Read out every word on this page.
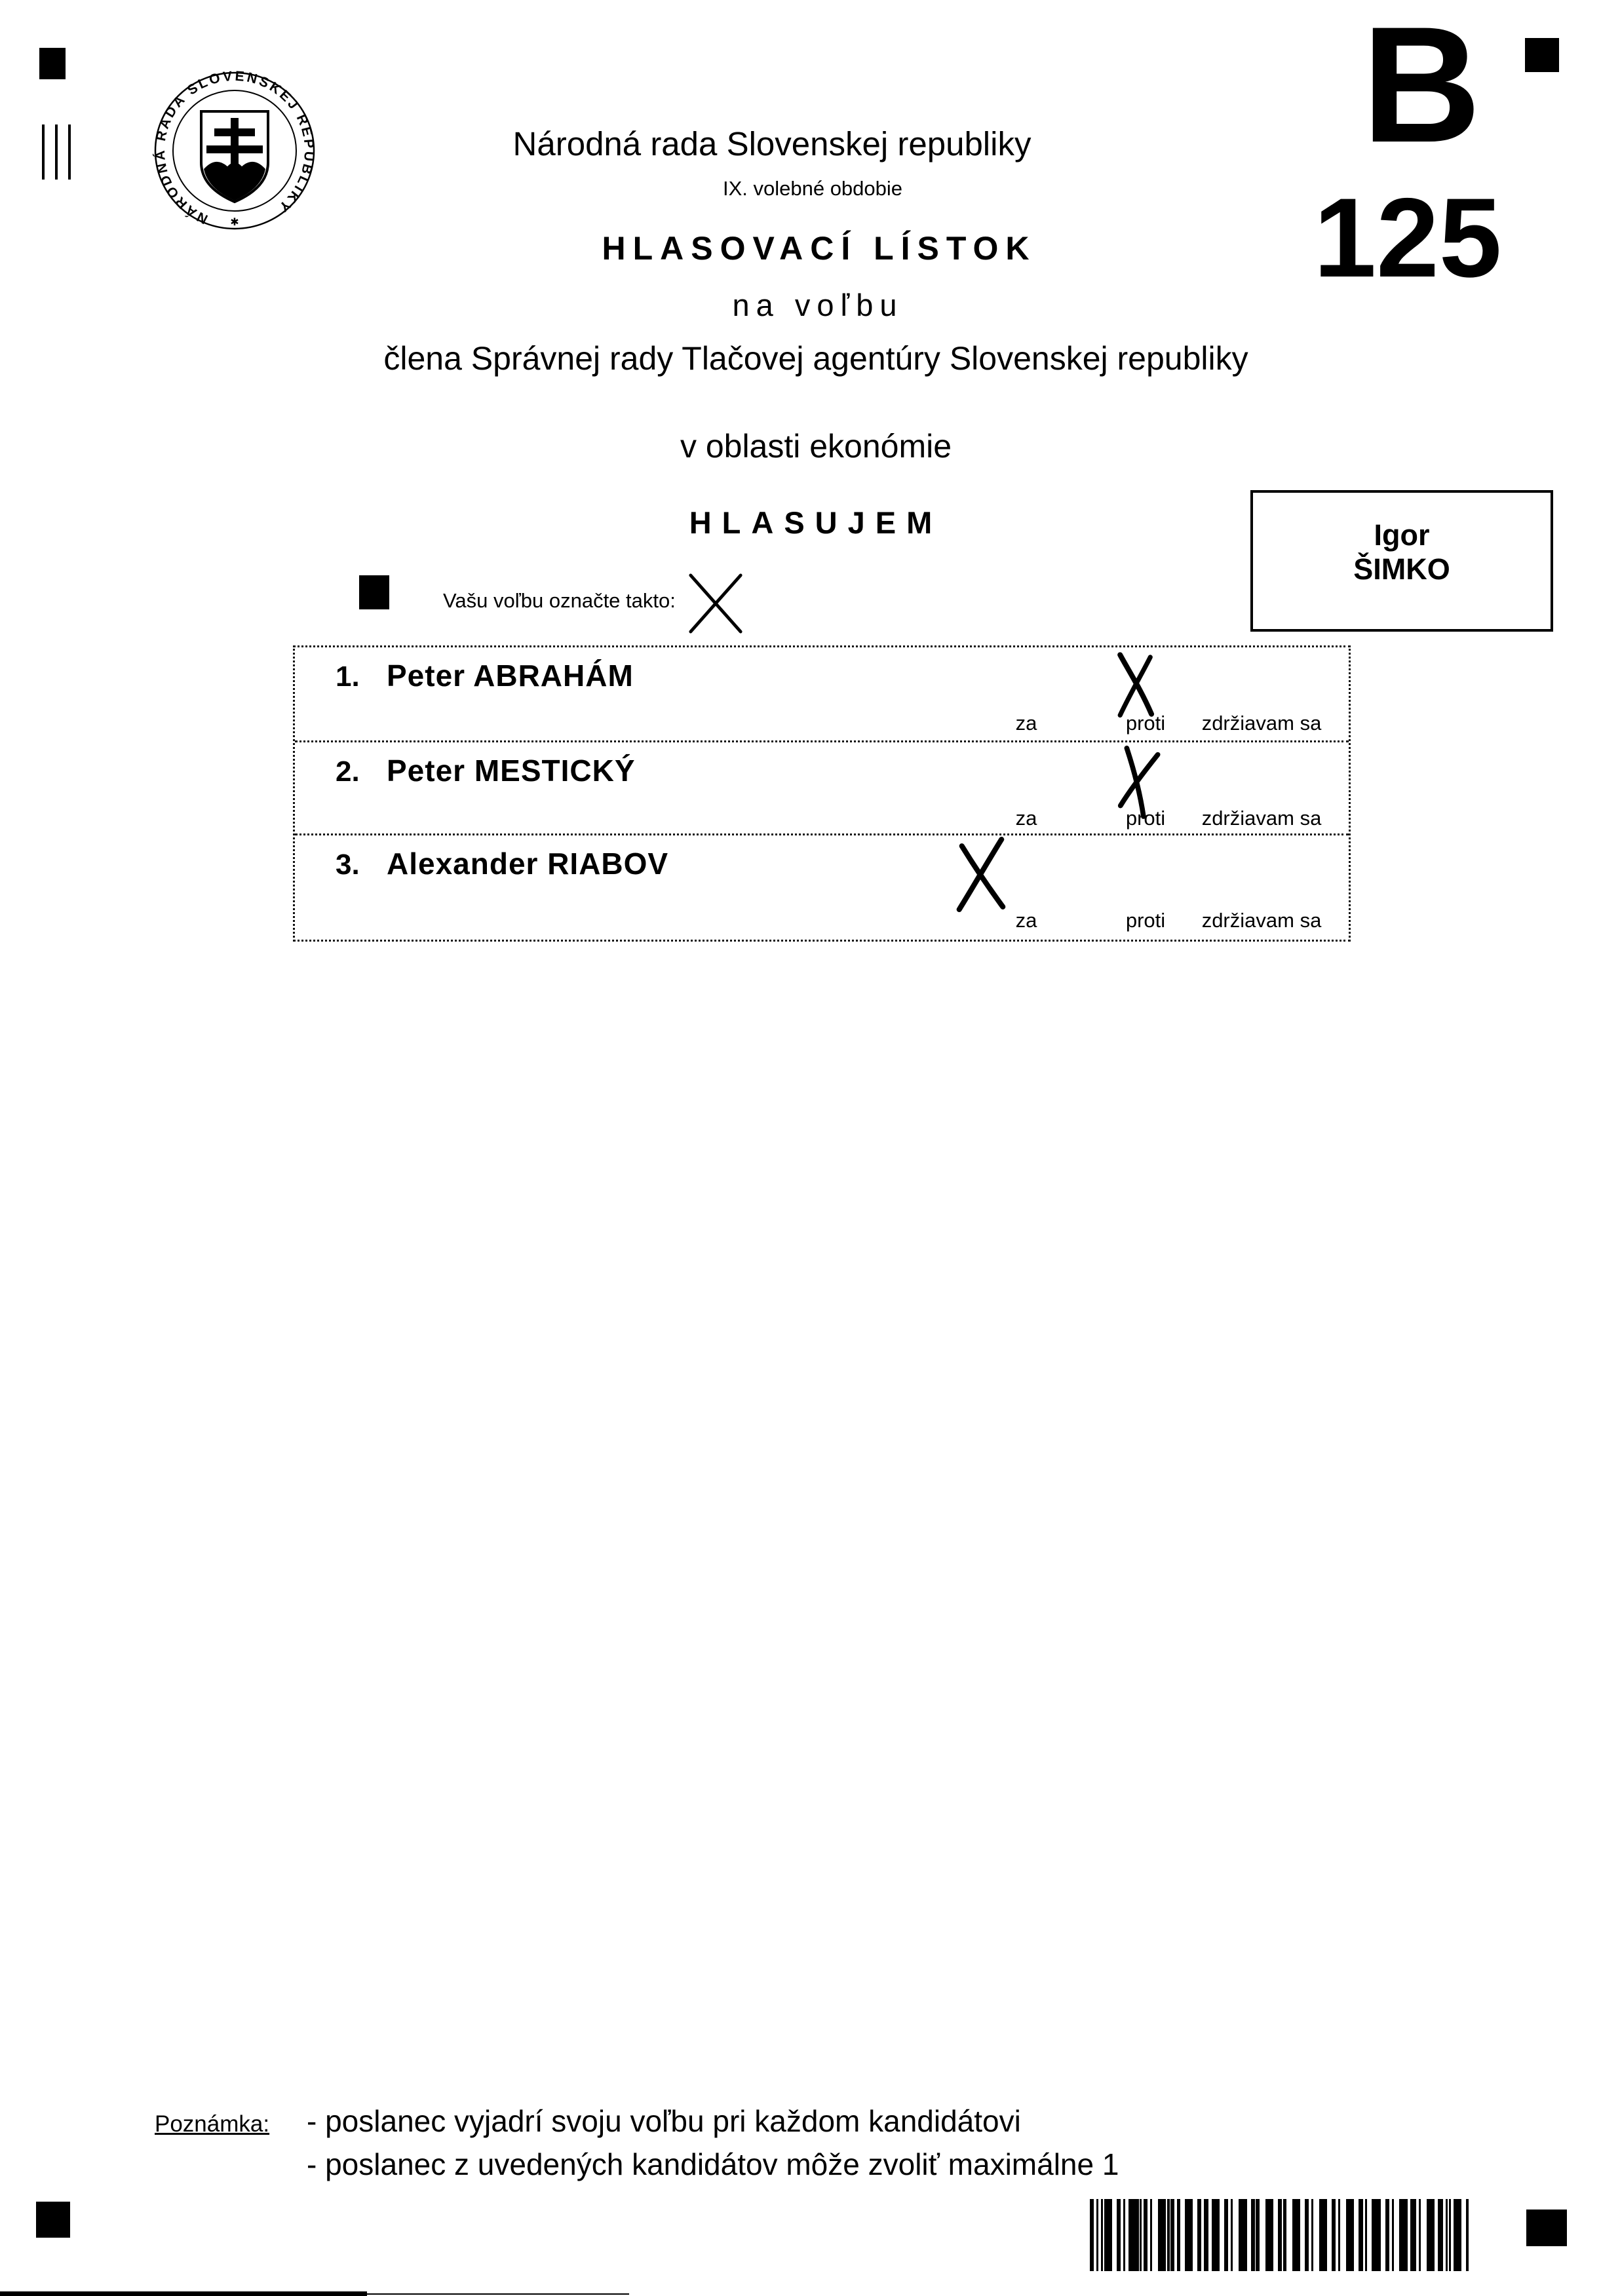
NÁRODNÁ RADA SLOVENSKEJ REPUBLIKY
✱
Národná rada Slovenskej republiky
IX. volebné obdobie
HLASOVACÍ LÍSTOK
na voľbu
člena Správnej rady Tlačovej agentúry Slovenskej republiky
v oblasti ekonómie
HLASUJEM
B
125
Igor
ŠIMKO
Vašu voľbu označte takto:
1. Peter ABRAHÁM
za	proti zdržiavam sa
2. Peter MESTICKÝ
za	proti zdržiavam sa
3. Alexander RIABOV
za	proti zdržiavam sa
Poznámka: - poslanec vyjadrí svoju voľbu pri každom kandidátovi
- poslanec z uvedených kandidátov môže zvoliť maximálne 1
